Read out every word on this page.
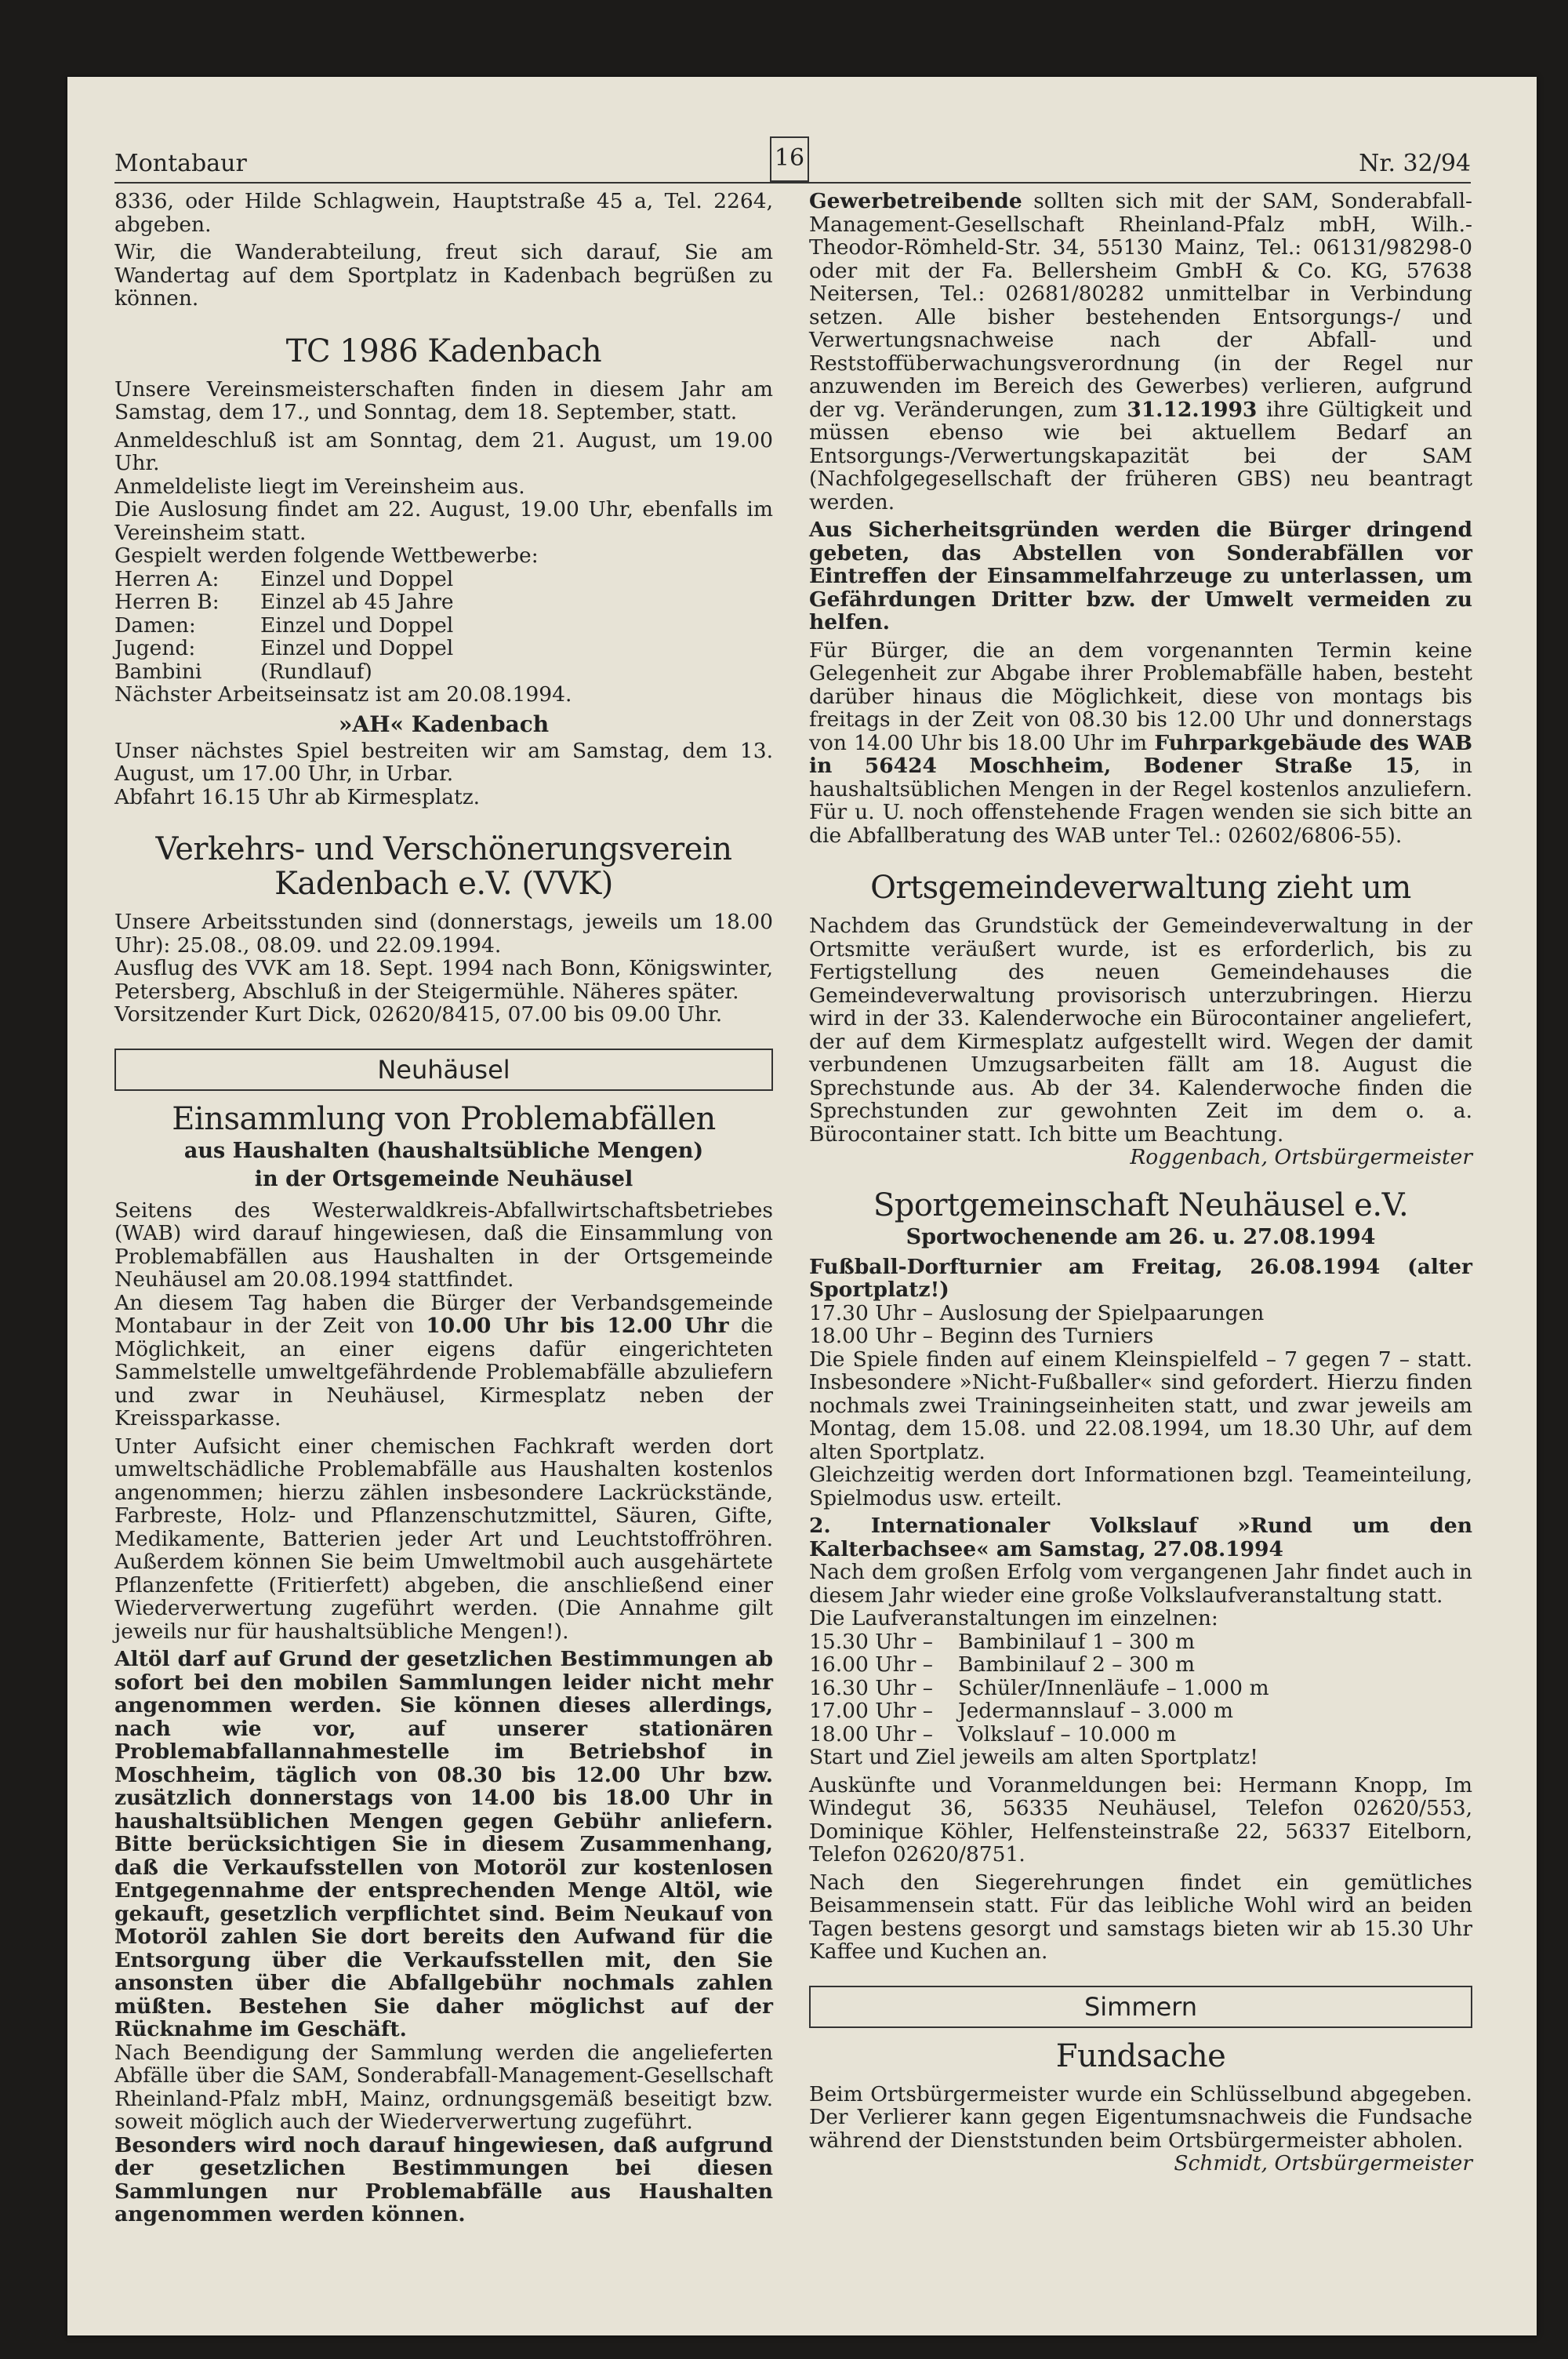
Montabaur	16	Nr. 32/94

8336, oder Hilde Schlagwein, Hauptstraße 45 a, Tel. 2264, abgeben.

Wir, die Wanderabteilung, freut sich darauf, Sie am Wandertag auf dem Sportplatz in Kadenbach begrüßen zu können.

TC 1986 Kadenbach

Unsere Vereinsmeisterschaften finden in diesem Jahr am Samstag, dem 17., und Sonntag, dem 18. September, statt.

Anmeldeschluß ist am Sonntag, dem 21. August, um 19.00 Uhr.

Anmeldeliste liegt im Vereinsheim aus.

Die Auslosung findet am 22. August, 19.00 Uhr, ebenfalls im Vereinsheim statt.

Gespielt werden folgende Wettbewerbe:

Herren A:	Einzel und Doppel
Herren B:	Einzel ab 45 Jahre
Damen:	Einzel und Doppel
Jugend:	Einzel und Doppel
Bambini	(Rundlauf)

Nächster Arbeitseinsatz ist am 20.08.1994.

»AH« Kadenbach

Unser nächstes Spiel bestreiten wir am Samstag, dem 13. August, um 17.00 Uhr, in Urbar.

Abfahrt 16.15 Uhr ab Kirmesplatz.

Verkehrs- und Verschönerungsverein
Kadenbach e.V. (VVK)

Unsere Arbeitsstunden sind (donnerstags, jeweils um 18.00 Uhr): 25.08., 08.09. und 22.09.1994.

Ausflug des VVK am 18. Sept. 1994 nach Bonn, Königswinter, Petersberg, Abschluß in der Steigermühle. Näheres später.

Vorsitzender Kurt Dick, 02620/8415, 07.00 bis 09.00 Uhr.

Neuhäusel
Einsammlung von Problemabfällen

aus Haushalten (haushaltsübliche Mengen)

in der Ortsgemeinde Neuhäusel

Seitens des Westerwaldkreis-Abfallwirtschaftsbetriebes (WAB) wird darauf hingewiesen, daß die Einsammlung von Problemabfällen aus Haushalten in der Ortsgemeinde Neuhäusel am 20.08.1994 stattfindet.

An diesem Tag haben die Bürger der Verbandsgemeinde Montabaur in der Zeit von 10.00 Uhr bis 12.00 Uhr die Möglichkeit, an einer eigens dafür eingerichteten Sammelstelle umweltgefährdende Problemabfälle abzuliefern und zwar in Neuhäusel, Kirmesplatz neben der Kreissparkasse.

Unter Aufsicht einer chemischen Fachkraft werden dort umweltschädliche Problemabfälle aus Haushalten kostenlos angenommen; hierzu zählen insbesondere Lackrückstände, Farbreste, Holz- und Pflanzenschutzmittel, Säuren, Gifte, Medikamente, Batterien jeder Art und Leuchtstoffröhren. Außerdem können Sie beim Umweltmobil auch ausgehärtete Pflanzenfette (Fritierfett) abgeben, die anschließend einer Wiederverwertung zugeführt werden. (Die Annahme gilt jeweils nur für haushaltsübliche Mengen!).

Altöl darf auf Grund der gesetzlichen Bestimmungen ab sofort bei den mobilen Sammlungen leider nicht mehr angenommen werden. Sie können dieses allerdings, nach wie vor, auf unserer stationären Problemabfallannahmestelle im Betriebshof in Moschheim, täglich von 08.30 bis 12.00 Uhr bzw. zusätzlich donnerstags von 14.00 bis 18.00 Uhr in haushaltsüblichen Mengen gegen Gebühr anliefern. Bitte berücksichtigen Sie in diesem Zusammenhang, daß die Verkaufsstellen von Motoröl zur kostenlosen Entgegennahme der entsprechenden Menge Altöl, wie gekauft, gesetzlich verpflichtet sind. Beim Neukauf von Motoröl zahlen Sie dort bereits den Aufwand für die Entsorgung über die Verkaufsstellen mit, den Sie ansonsten über die Abfallgebühr nochmals zahlen müßten. Bestehen Sie daher möglichst auf der Rücknahme im Geschäft.

Nach Beendigung der Sammlung werden die angelieferten Abfälle über die SAM, Sonderabfall-Management-Gesellschaft Rheinland-Pfalz mbH, Mainz, ordnungsgemäß beseitigt bzw. soweit möglich auch der Wiederverwertung zugeführt.

Besonders wird noch darauf hingewiesen, daß aufgrund der gesetzlichen Bestimmungen bei diesen Sammlungen nur Problemabfälle aus Haushalten angenommen werden können.

Gewerbetreibende sollten sich mit der SAM, Sonderabfall-Management-Gesellschaft Rheinland-Pfalz mbH, Wilh.-Theodor-Römheld-Str. 34, 55130 Mainz, Tel.: 06131/98298-0 oder mit der Fa. Bellersheim GmbH & Co. KG, 57638 Neitersen, Tel.: 02681/80282 unmittelbar in Verbindung setzen. Alle bisher bestehenden Entsorgungs-/ und Verwertungsnachweise nach der Abfall- und Reststoffüberwachungsverordnung (in der Regel nur anzuwenden im Bereich des Gewerbes) verlieren, aufgrund der vg. Veränderungen, zum 31.12.1993 ihre Gültigkeit und müssen ebenso wie bei aktuellem Bedarf an Entsorgungs-/Verwertungskapazität bei der SAM (Nachfolgegesellschaft der früheren GBS) neu beantragt werden.

Aus Sicherheitsgründen werden die Bürger dringend gebeten, das Abstellen von Sonderabfällen vor Eintreffen der Einsammelfahrzeuge zu unterlassen, um Gefährdungen Dritter bzw. der Umwelt vermeiden zu helfen.

Für Bürger, die an dem vorgenannten Termin keine Gelegenheit zur Abgabe ihrer Problemabfälle haben, besteht darüber hinaus die Möglichkeit, diese von montags bis freitags in der Zeit von 08.30 bis 12.00 Uhr und donnerstags von 14.00 Uhr bis 18.00 Uhr im Fuhrparkgebäude des WAB in 56424 Moschheim, Bodener Straße 15, in haushaltsüblichen Mengen in der Regel kostenlos anzuliefern. Für u. U. noch offenstehende Fragen wenden sie sich bitte an die Abfallberatung des WAB unter Tel.: 02602/6806-55).

Ortsgemeindeverwaltung zieht um

Nachdem das Grundstück der Gemeindeverwaltung in der Ortsmitte veräußert wurde, ist es erforderlich, bis zu Fertigstellung des neuen Gemeindehauses die Gemeindeverwaltung provisorisch unterzubringen. Hierzu wird in der 33. Kalenderwoche ein Bürocontainer angeliefert, der auf dem Kirmesplatz aufgestellt wird. Wegen der damit verbundenen Umzugsarbeiten fällt am 18. August die Sprechstunde aus. Ab der 34. Kalenderwoche finden die Sprechstunden zur gewohnten Zeit im dem o. a. Bürocontainer statt. Ich bitte um Beachtung.

Roggenbach, Ortsbürgermeister

Sportgemeinschaft Neuhäusel e.V.

Sportwochenende am 26. u. 27.08.1994

Fußball-Dorfturnier am Freitag, 26.08.1994 (alter Sportplatz!)

17.30 Uhr – Auslosung der Spielpaarungen

18.00 Uhr – Beginn des Turniers

Die Spiele finden auf einem Kleinspielfeld – 7 gegen 7 – statt. Insbesondere »Nicht-Fußballer« sind gefordert. Hierzu finden nochmals zwei Trainingseinheiten statt, und zwar jeweils am Montag, dem 15.08. und 22.08.1994, um 18.30 Uhr, auf dem alten Sportplatz.

Gleichzeitig werden dort Informationen bzgl. Teameinteilung, Spielmodus usw. erteilt.

2. Internationaler Volkslauf »Rund um den Kalterbachsee« am Samstag, 27.08.1994

Nach dem großen Erfolg vom vergangenen Jahr findet auch in diesem Jahr wieder eine große Volkslaufveranstaltung statt.

Die Laufveranstaltungen im einzelnen:

15.30 Uhr –	Bambinilauf 1 – 300 m
16.00 Uhr –	Bambinilauf 2 – 300 m
16.30 Uhr –	Schüler/Innenläufe – 1.000 m
17.00 Uhr –	Jedermannslauf – 3.000 m
18.00 Uhr –	Volkslauf – 10.000 m

Start und Ziel jeweils am alten Sportplatz!

Auskünfte und Voranmeldungen bei: Hermann Knopp, Im Windegut 36, 56335 Neuhäusel, Telefon 02620/553, Dominique Köhler, Helfensteinstraße 22, 56337 Eitelborn, Telefon 02620/8751.

Nach den Siegerehrungen findet ein gemütliches Beisammensein statt. Für das leibliche Wohl wird an beiden Tagen bestens gesorgt und samstags bieten wir ab 15.30 Uhr Kaffee und Kuchen an.

Simmern
Fundsache

Beim Ortsbürgermeister wurde ein Schlüsselbund abgegeben. Der Verlierer kann gegen Eigentumsnachweis die Fundsache während der Dienststunden beim Ortsbürgermeister abholen.

Schmidt, Ortsbürgermeister
